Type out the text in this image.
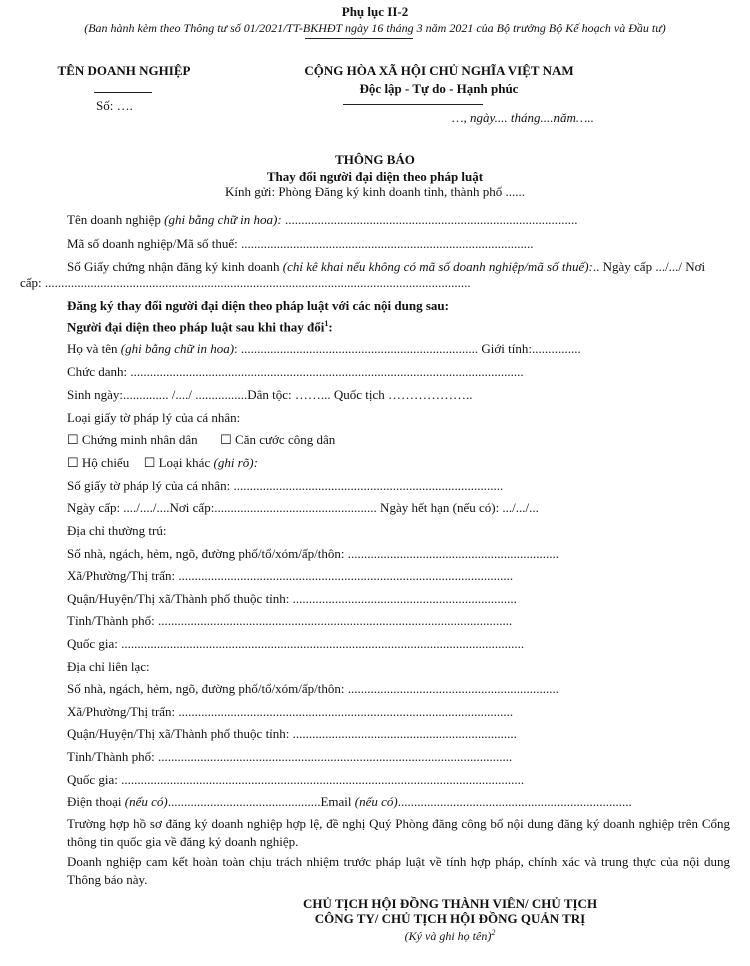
Phụ lục II-2
(Ban hành kèm theo Thông tư số 01/2021/TT-BKHĐT ngày 16 tháng 3 năm 2021 của Bộ trưởng Bộ Kế hoạch và Đầu tư)
TÊN DOANH NGHIỆP
Số: ….
CỘNG HÒA XÃ HỘI CHỦ NGHĨA VIỆT NAM
Độc lập - Tự do - Hạnh phúc
…, ngày.... tháng....năm…..
THÔNG BÁO
Thay đổi người đại diện theo pháp luật
Kính gửi: Phòng Đăng ký kinh doanh tỉnh, thành phố ......
Tên doanh nghiệp (ghi bằng chữ in hoa): ..........................................................................................
Mã số doanh nghiệp/Mã số thuế: ..........................................................................................
Số Giấy chứng nhận đăng ký kinh doanh (chỉ kê khai nếu không có mã số doanh nghiệp/mã số thuế):.. Ngày cấp .../.../ Nơi
cấp: ...................................................................................................................................
Đăng ký thay đổi người đại diện theo pháp luật với các nội dung sau:
Người đại diện theo pháp luật sau khi thay đổi$^1$:
Họ và tên (ghi bằng chữ in hoa): ......................................................................... Giới tính:...............
Chức danh: .........................................................................................................................
Sinh ngày:.............. /..../ ................Dân tộc: ……... Quốc tịch ………………..
Loại giấy tờ pháp lý của cá nhân:
☐ Chứng minh nhân dân ☐ Căn cước công dân
☐ Hộ chiếu ☐ Loại khác (ghi rõ):
Số giấy tờ pháp lý của cá nhân: ...................................................................................
Ngày cấp: ..../..../....Nơi cấp:.................................................. Ngày hết hạn (nếu có): .../.../...
Địa chỉ thường trú:
Số nhà, ngách, hẻm, ngõ, đường phố/tổ/xóm/ấp/thôn: .................................................................
Xã/Phường/Thị trấn: .......................................................................................................
Quận/Huyện/Thị xã/Thành phố thuộc tỉnh: .....................................................................
Tỉnh/Thành phố: .............................................................................................................
Quốc gia: ............................................................................................................................
Địa chỉ liên lạc:
Số nhà, ngách, hẻm, ngõ, đường phố/tổ/xóm/ấp/thôn: .................................................................
Xã/Phường/Thị trấn: .......................................................................................................
Quận/Huyện/Thị xã/Thành phố thuộc tỉnh: .....................................................................
Tỉnh/Thành phố: .............................................................................................................
Quốc gia: ............................................................................................................................
Điện thoại (nếu có)...............................................Email (nếu có)........................................................................
Trường hợp hồ sơ đăng ký doanh nghiệp hợp lệ, đề nghị Quý Phòng đăng công bố nội dung đăng ký doanh nghiệp trên Cổng thông tin quốc gia về đăng ký doanh nghiệp.
Doanh nghiệp cam kết hoàn toàn chịu trách nhiệm trước pháp luật về tính hợp pháp, chính xác và trung thực của nội dung Thông báo này.
CHỦ TỊCH HỘI ĐỒNG THÀNH VIÊN/ CHỦ TỊCH
CÔNG TY/ CHỦ TỊCH HỘI ĐỒNG QUẢN TRỊ
(Ký và ghi họ tên)$^2$
